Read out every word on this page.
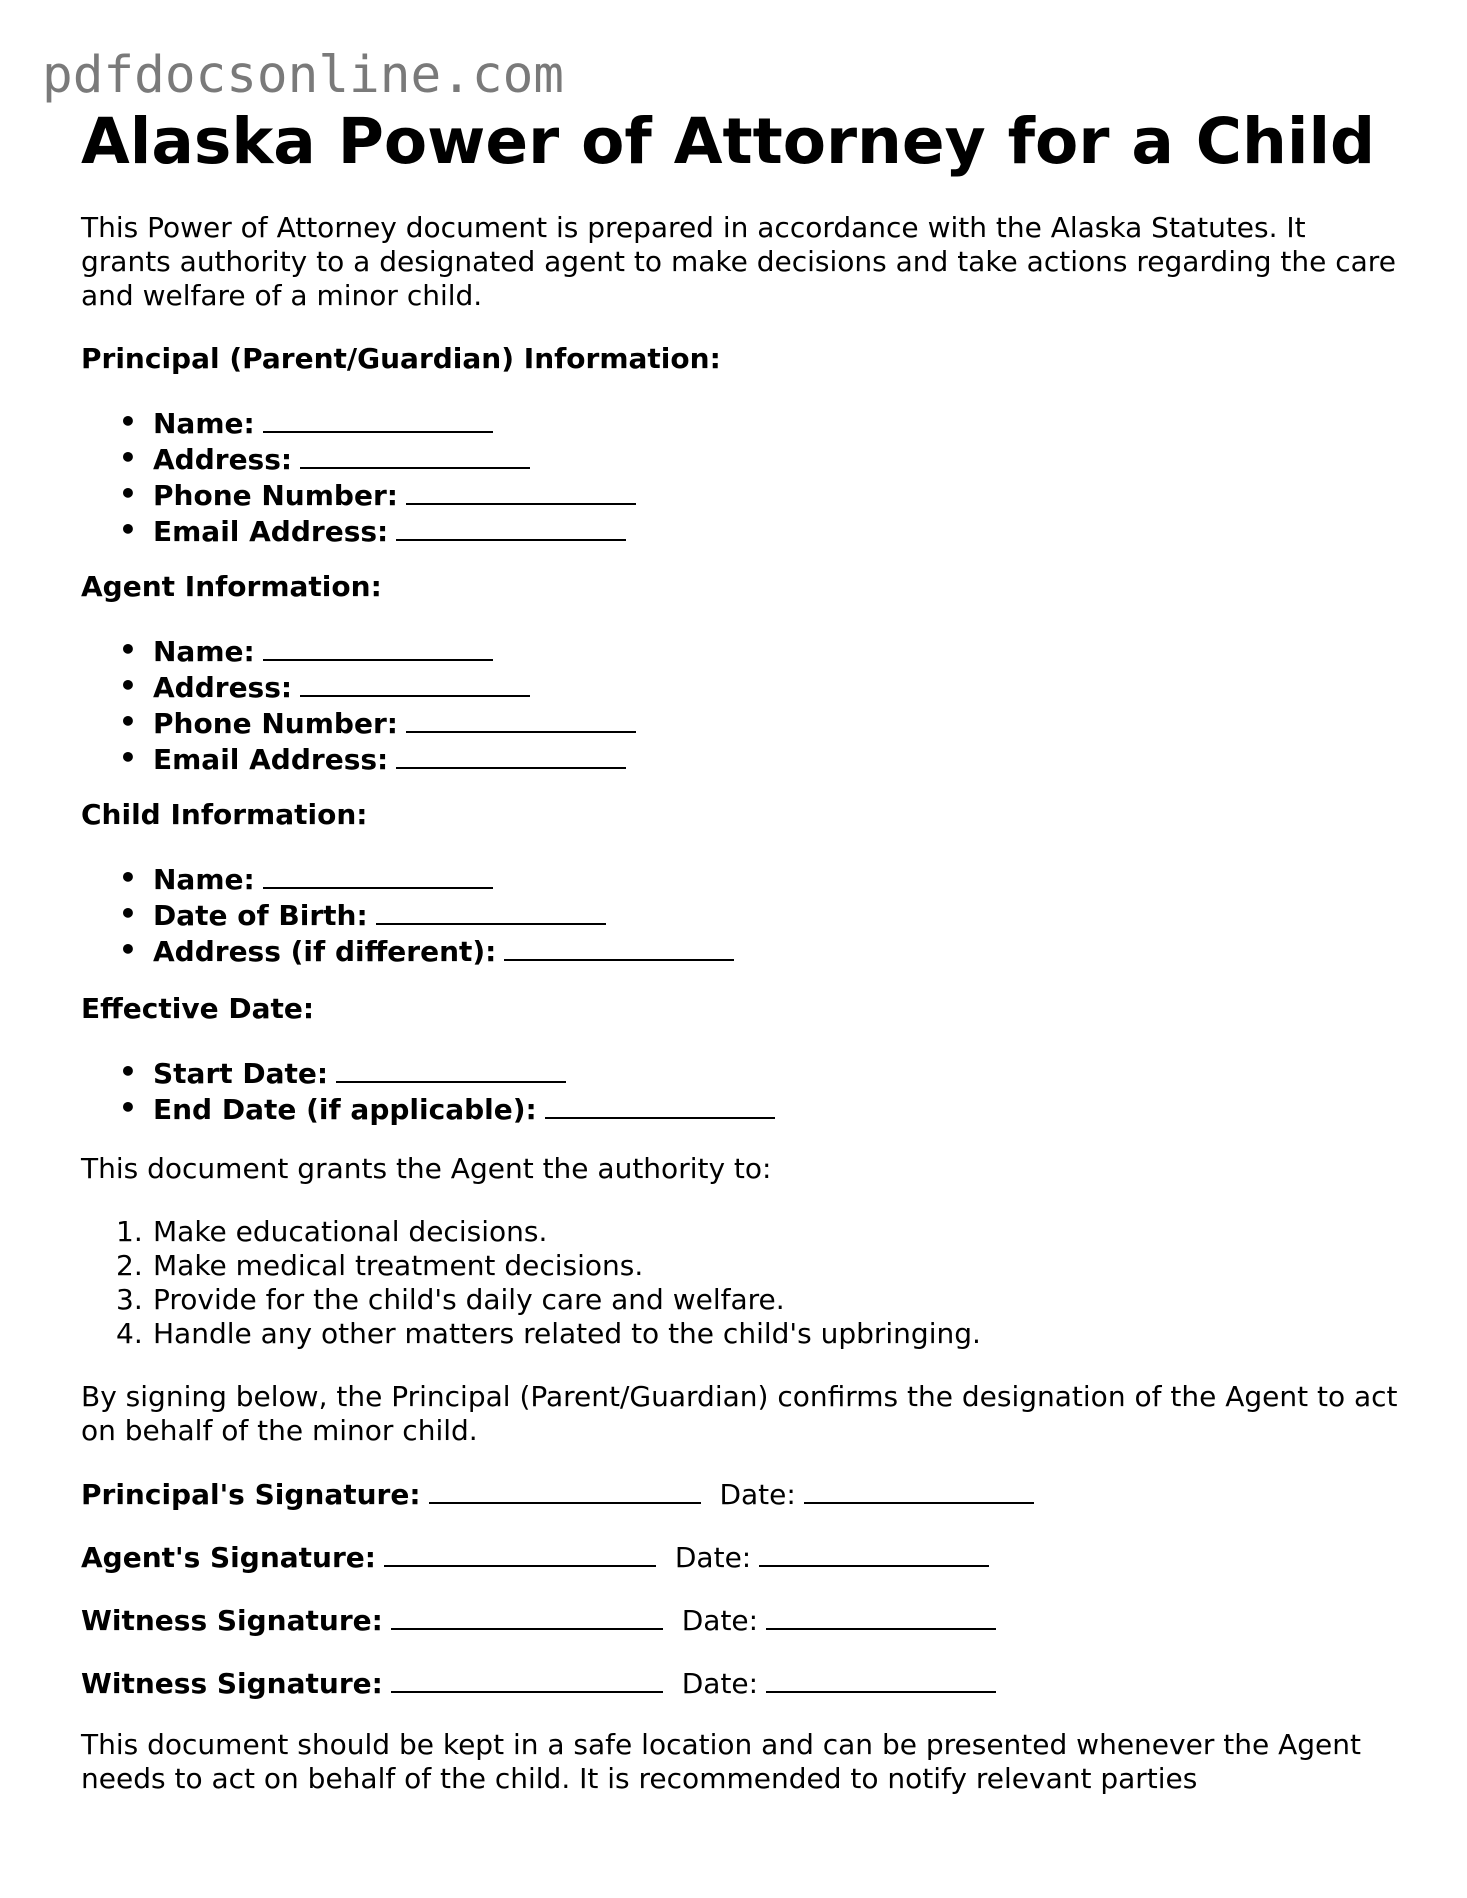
pdfdocsonline.com
Alaska Power of Attorney for a Child

This Power of Attorney document is prepared in accordance with the Alaska Statutes. It grants authority to a designated agent to make decisions and take actions regarding the care and welfare of a minor child.

Principal (Parent/Guardian) Information:

• Name:
• Address:
• Phone Number:
• Email Address:

Agent Information:

• Name:
• Address:
• Phone Number:
• Email Address:

Child Information:

• Name:
• Date of Birth:
• Address (if different):

Effective Date:

• Start Date:
• End Date (if applicable):

This document grants the Agent the authority to:

1. Make educational decisions.
2. Make medical treatment decisions.
3. Provide for the child's daily care and welfare.
4. Handle any other matters related to the child's upbringing.

By signing below, the Principal (Parent/Guardian) confirms the designation of the Agent to act on behalf of the minor child.

Principal's Signature:	Date:
Agent's Signature:	Date:
Witness Signature:	Date:
Witness Signature:	Date:

This document should be kept in a safe location and can be presented whenever the Agent needs to act on behalf of the child. It is recommended to notify relevant parties
